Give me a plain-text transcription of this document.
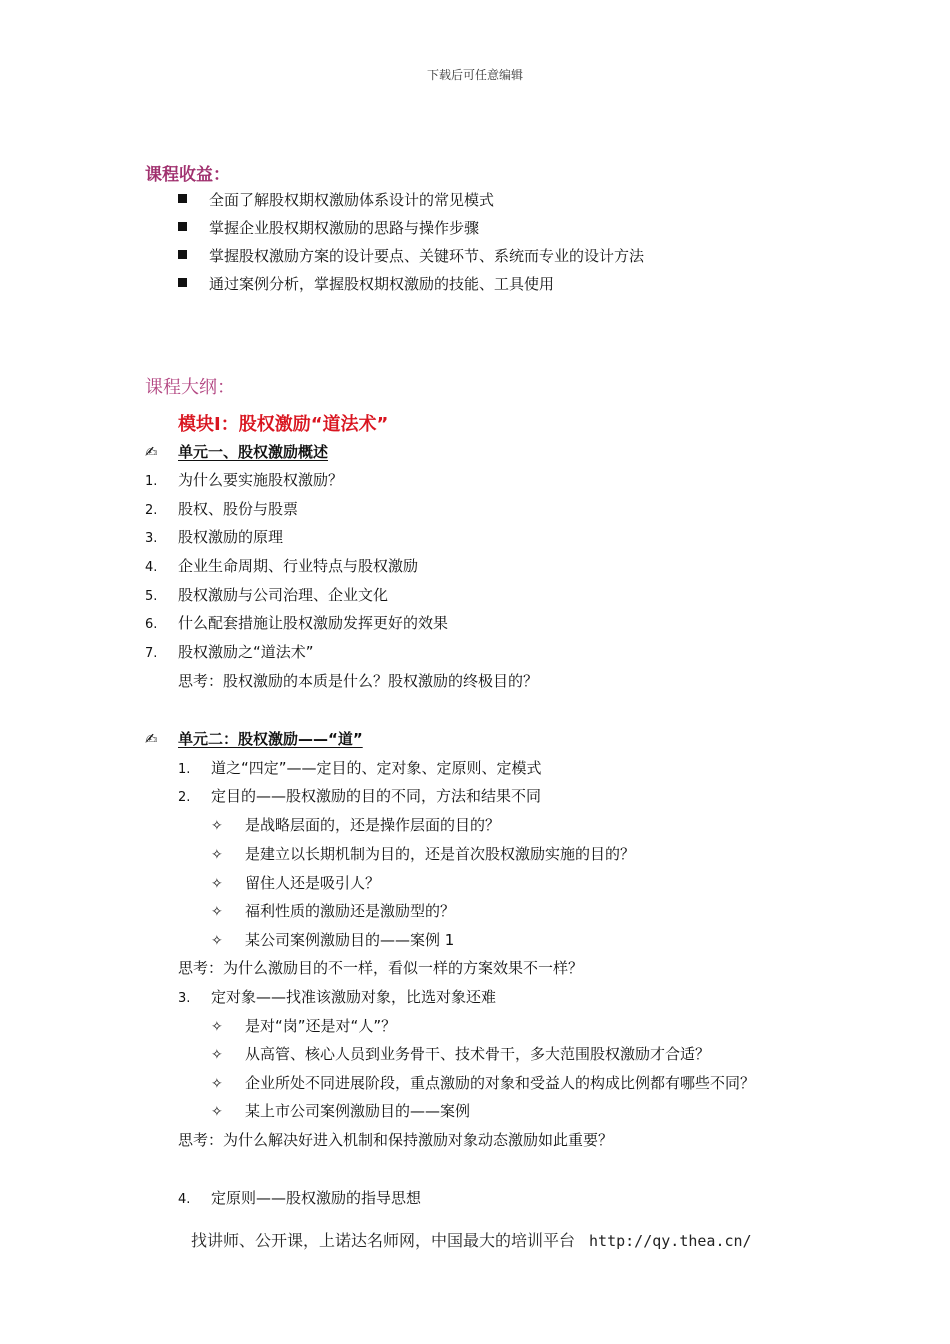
下载后可任意编辑
课程收益：
全面了解股权期权激励体系设计的常见模式
掌握企业股权期权激励的思路与操作步骤
掌握股权激励方案的设计要点、关键环节、系统而专业的设计方法
通过案例分析，掌握股权期权激励的技能、工具使用
课程大纲：
模块Ⅰ：股权激励“道法术”
✍ 单元一、股权激励概述
1. 为什么要实施股权激励？
2. 股权、股份与股票
3. 股权激励的原理
4. 企业生命周期、行业特点与股权激励
5. 股权激励与公司治理、企业文化
6. 什么配套措施让股权激励发挥更好的效果
7. 股权激励之“道法术”
思考：股权激励的本质是什么？股权激励的终极目的？
✍ 单元二：股权激励——“道”
1. 道之“四定”——定目的、定对象、定原则、定模式
2. 定目的——股权激励的目的不同，方法和结果不同
✧ 是战略层面的，还是操作层面的目的？
✧ 是建立以长期机制为目的，还是首次股权激励实施的目的？
✧ 留住人还是吸引人？
✧ 福利性质的激励还是激励型的？
✧ 某公司案例激励目的——案例 1
思考：为什么激励目的不一样，看似一样的方案效果不一样？
3. 定对象——找准该激励对象，比选对象还难
✧ 是对“岗”还是对“人”？
✧ 从高管、核心人员到业务骨干、技术骨干，多大范围股权激励才合适？
✧ 企业所处不同进展阶段，重点激励的对象和受益人的构成比例都有哪些不同？
✧ 某上市公司案例激励目的——案例
思考：为什么解决好进入机制和保持激励对象动态激励如此重要？
4. 定原则——股权激励的指导思想
找讲师、公开课，上诺达名师网，中国最大的培训平台 http://qy.thea.cn/
